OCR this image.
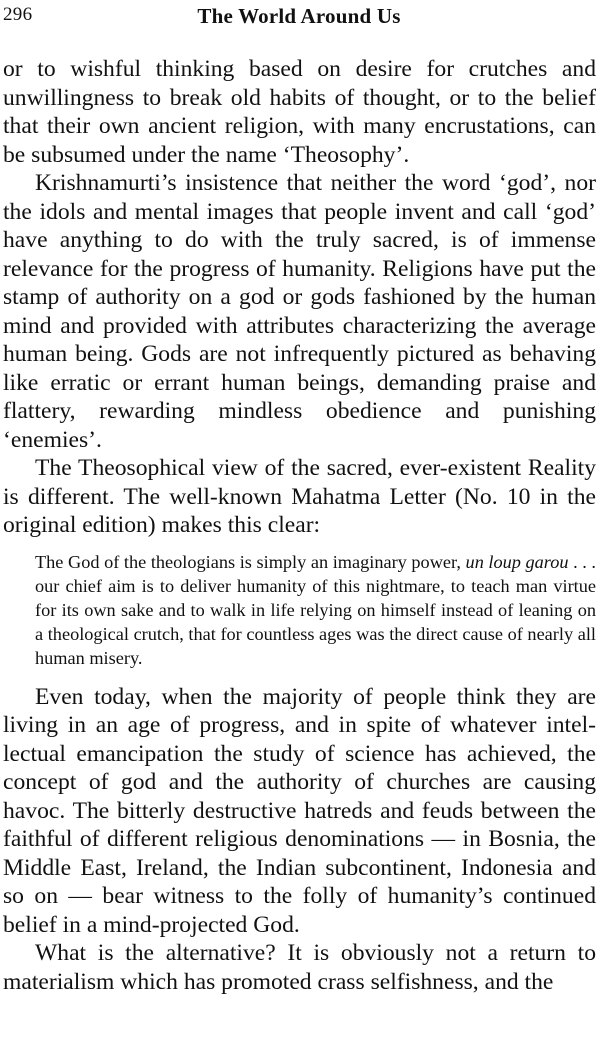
296	The World Around Us

or to wishful thinking based on desire for crutches and unwillingness to break old habits of thought, or to the belief that their own ancient religion, with many encrustations, can be subsumed under the name ‘Theosophy’.

Krishnamurti’s insistence that neither the word ‘god’, nor the idols and mental images that people invent and call ‘god’ have anything to do with the truly sacred, is of immense relevance for the progress of humanity. Religions have put the stamp of authority on a god or gods fashioned by the human mind and provided with attributes characterizing the average human being. Gods are not infrequently pictured as behaving like erratic or errant human beings, demanding praise and flattery, rewarding mindless obedience and punishing ‘enemies’.

The Theosophical view of the sacred, ever-existent Reality is different. The well-known Mahatma Letter (No. 10 in the original edition) makes this clear:

The God of the theologians is simply an imaginary power, un loup garou . . . our chief aim is to deliver humanity of this nightmare, to teach man virtue for its own sake and to walk in life relying on himself instead of leaning on a theological crutch, that for countless ages was the direct cause of nearly all human misery.

Even today, when the majority of people think they are living in an age of progress, and in spite of whatever intellectual emancipation the study of science has achieved, the concept of god and the authority of churches are causing havoc. The bitterly destructive hatreds and feuds between the faithful of different religious denominations — in Bosnia, the Middle East, Ireland, the Indian subcontinent, Indonesia and so on — bear witness to the folly of humanity’s continued belief in a mind-projected God.

What is the alternative? It is obviously not a return to materialism which has promoted crass selfishness, and the
